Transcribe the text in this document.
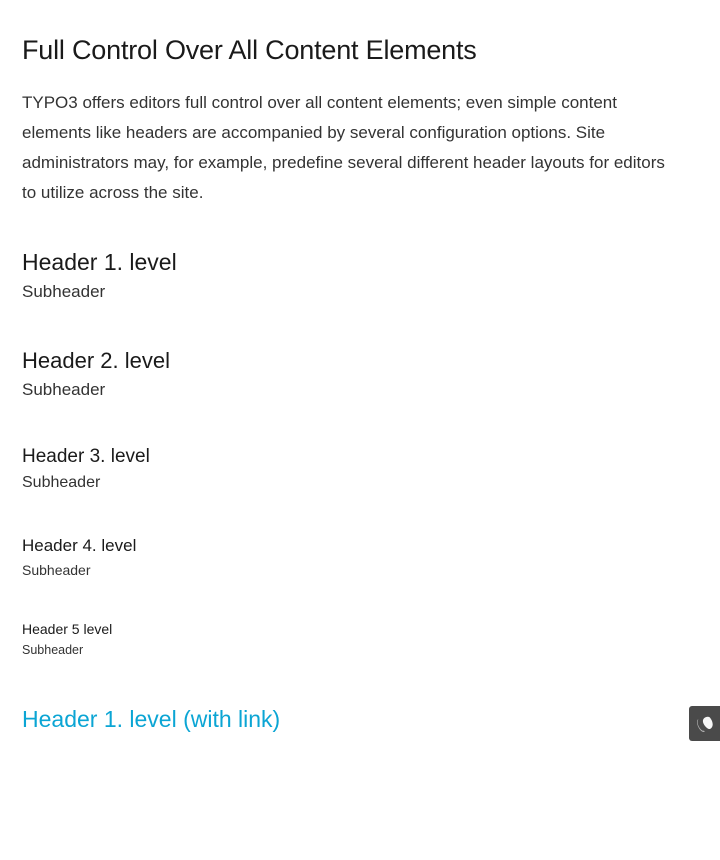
Full Control Over All Content Elements

TYPO3 offers editors full control over all content elements; even simple content elements like headers are accompanied by several configuration options. Site administrators may, for example, predefine several different header layouts for editors to utilize across the site.

Header 1. level

Subheader

Header 2. level

Subheader

Header 3. level

Subheader

Header 4. level

Subheader

Header 5 level

Subheader

Header 1. level (with link)
